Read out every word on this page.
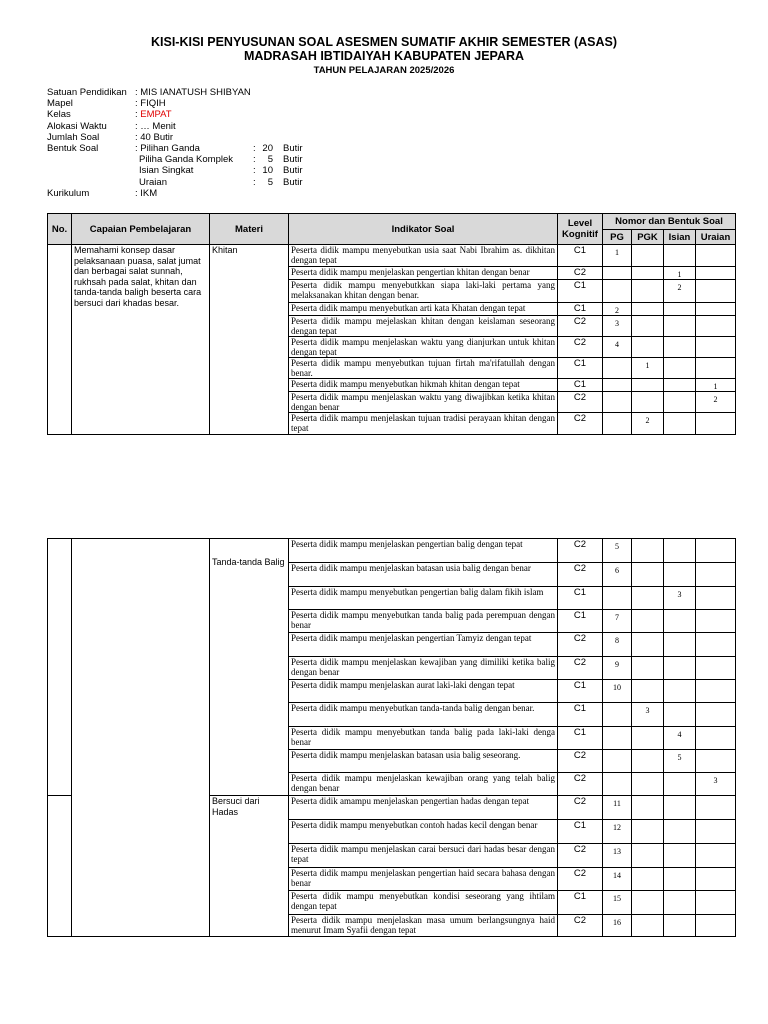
KISI-KISI PENYUSUNAN SOAL ASESMEN SUMATIF AKHIR SEMESTER (ASAS)
MADRASAH IBTIDAIYAH KABUPATEN JEPARA
TAHUN PELAJARAN 2025/2026
Satuan Pendidikan : MIS IANATUSH SHIBYAN
Mapel	: FIQIH
Kelas	: EMPAT
Alokasi Waktu	: … Menit
Jumlah Soal	: 40 Butir
Bentuk Soal	: Pilihan Ganda	: 20 Butir
Piliha Ganda Komplek :	5 Butir
Isian Singkat	: 10 Butir
Uraian	:	5 Butir
Kurikulum	: IKM
No.	Capaian Pembelajaran	Materi	Indikator Soal	Level Kognitif	Nomor dan Bentuk Soal			
					PG	PGK	Isian	Uraian
	Memahami konsep dasar pelaksanaan puasa, salat jumat dan berbagai salat sunnah, rukhsah pada salat, khitan dan tanda-tanda baligh beserta cara bersuci dari khadas besar.	Khitan	Peserta didik mampu menyebutkan usia saat Nabi Ibrahim as. dikhitan dengan tepat	C1	1			
			Peserta didik mampu menjelaskan pengertian khitan dengan benar	C2			1	
			Peserta didik mampu menyebutkkan siapa laki-laki pertama yang melaksanakan khitan dengan benar.	C1			2	
			Peserta didik mampu menyebutkan arti kata Khatan dengan tepat	C1	2			
			Peserta didik mampu mejelaskan khitan dengan keislaman seseorang dengan tepat	C2	3			
			Peserta didik mampu menjelaskan waktu yang dianjurkan untuk khitan dengan tepat	C2	4			
			Peserta didik mampu menyebutkan tujuan firtah ma'rifatullah dengan benar.	C1		1		
			Peserta didik mampu menyebutkan hikmah khitan dengan tepat	C1				1
			Peserta didik mampu menjelaskan waktu yang diwajibkan ketika khitan dengan benar	C2				2
			Peserta didik mampu menjelaskan tujuan tradisi perayaan khitan dengan tepat	C2		2		
		Tanda-tanda Balig	Peserta didik mampu menjelaskan pengertian balig dengan tepat	C2	5			
			Peserta didik mampu menjelaskan batasan usia balig dengan benar	C2	6			
			Peserta didik mampu menyebutkan pengertian balig dalam fikih islam	C1			3	
			Peserta didik mampu menyebutkan tanda balig pada perempuan dengan benar	C1	7			
			Peserta didik mampu menjelaskan pengertian Tamyiz dengan tepat	C2	8			
			Peserta didik mampu menjelaskan kewajiban yang dimiliki ketika balig dengan benar	C2	9			
			Peserta didik mampu menjelaskan aurat laki-laki dengan tepat	C1	10			
			Peserta didik mampu menyebutkan tanda-tanda balig dengan benar.	C1		3		
			Peserta didik mampu menyebutkan tanda balig pada laki-laki denga benar	C1			4	
			Peserta didik mampu menjelaskan batasan usia balig seseorang.	C2			5	
			Peserta didik mampu menjelaskan kewajiban orang yang telah balig dengan benar	C2				3
		Bersuci dari Hadas	Peserta didik amampu menjelaskan pengertian hadas dengan tepat	C2	11			
			Peserta didik mampu menyebutkan contoh hadas kecil dengan benar	C1	12			
			Peserta didik mampu menjelaskan carai bersuci dari hadas besar dengan tepat	C2	13			
			Peserta didik mampu menjelaskan pengertian haid secara bahasa dengan benar	C2	14			
			Peserta didik mampu menyebutkan kondisi seseorang yang ihtilam dengan tepat	C1	15			
			Peserta didik mampu menjelaskan masa umum berlangsungnya haid menurut Imam Syafii dengan tepat	C2	16			
